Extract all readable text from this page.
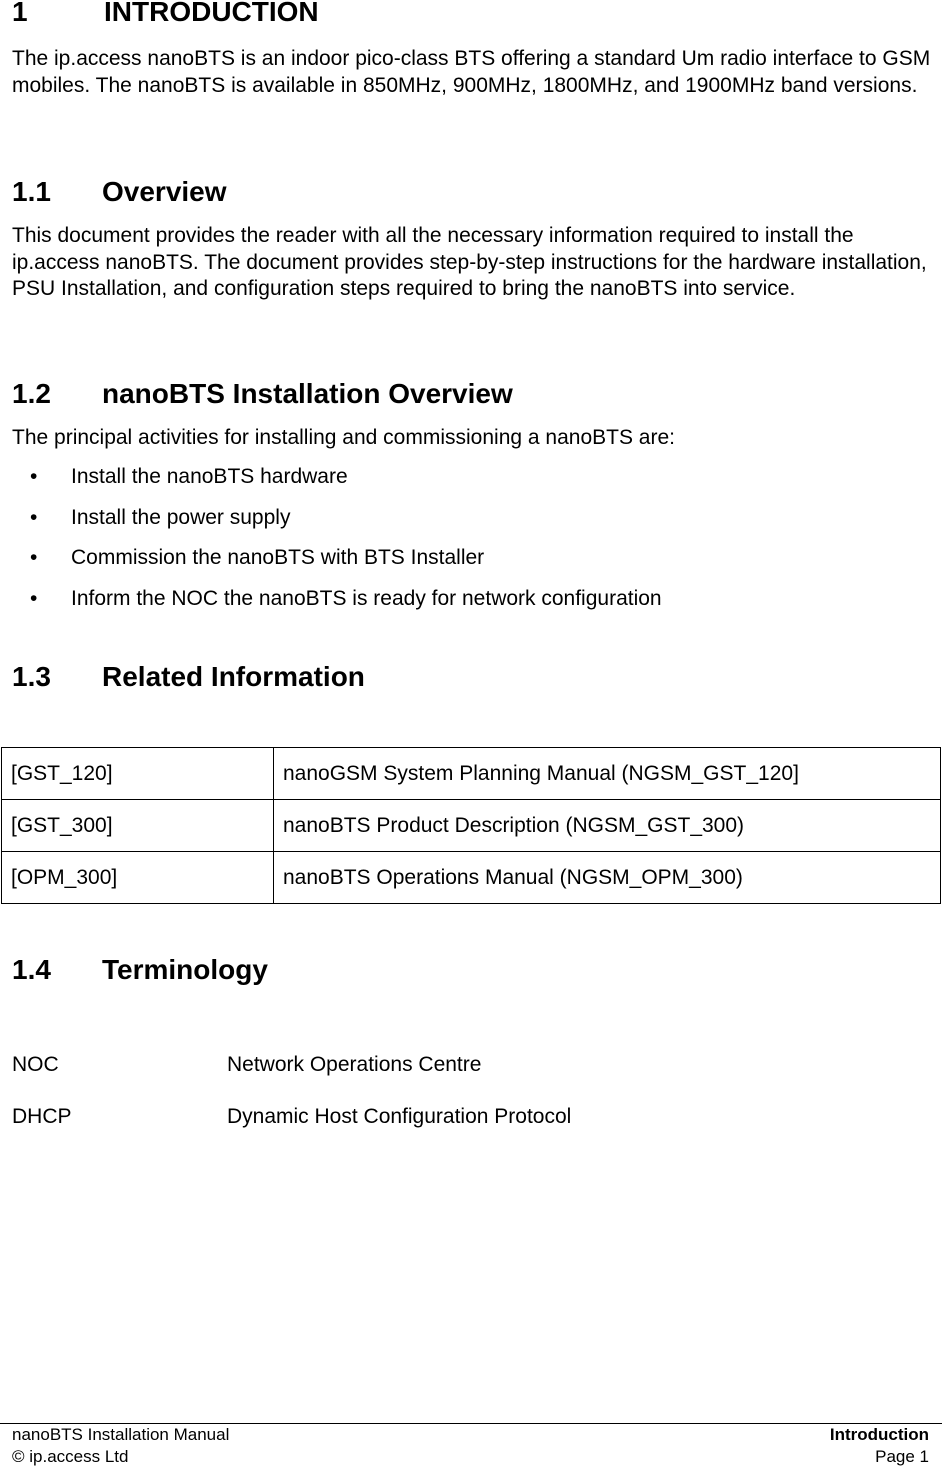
1	INTRODUCTION
The ip.access nanoBTS is an indoor pico-class BTS offering a standard Um radio interface to GSM mobiles. The nanoBTS is available in 850MHz, 900MHz, 1800MHz, and 1900MHz band versions.
1.1 Overview
This document provides the reader with all the necessary information required to install the ip.access nanoBTS. The document provides step-by-step instructions for the hardware installation, PSU Installation, and configuration steps required to bring the nanoBTS into service.
1.2 nanoBTS Installation Overview
The principal activities for installing and commissioning a nanoBTS are:
• Install the nanoBTS hardware
• Install the power supply
• Commission the nanoBTS with BTS Installer
• Inform the NOC the nanoBTS is ready for network configuration
1.3 Related Information
[GST_120]	nanoGSM System Planning Manual (NGSM_GST_120]
[GST_300]	nanoBTS Product Description (NGSM_GST_300)
[OPM_300]	nanoBTS Operations Manual (NGSM_OPM_300)
1.4 Terminology
NOC	Network Operations Centre
DHCP	Dynamic Host Configuration Protocol
nanoBTS Installation Manual
© ip.access Ltd
Introduction
Page 1
